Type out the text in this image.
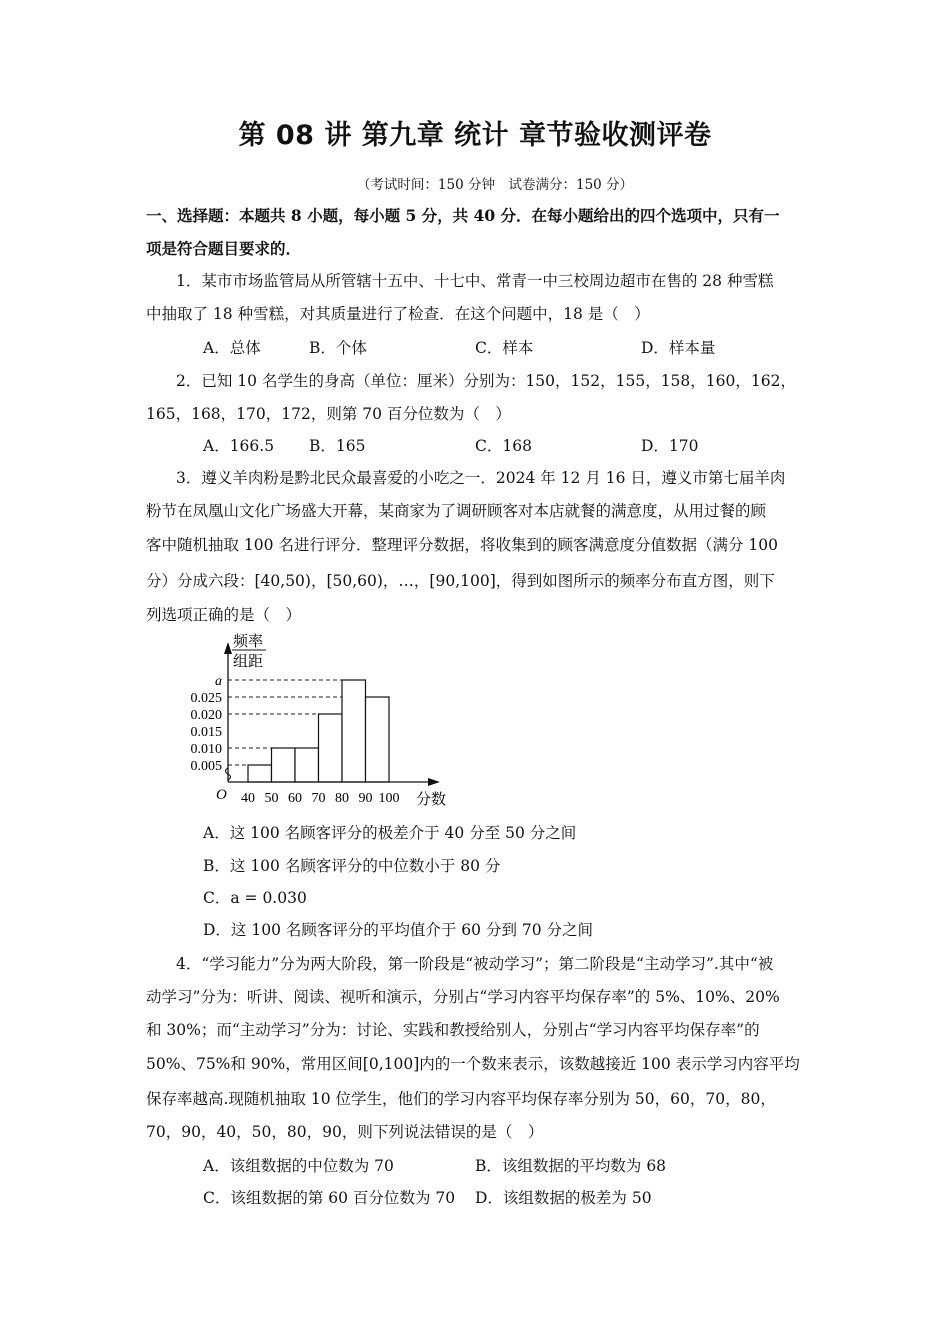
第 08 讲 第九章 统计 章节验收测评卷
（考试时间：150 分钟　试卷满分：150 分）
一、选择题：本题共 8 小题，每小题 5 分，共 40 分．在每小题给出的四个选项中，只有一
项是符合题目要求的．
1．某市市场监管局从所管辖十五中、十七中、常青一中三校周边超市在售的 28 种雪糕
中抽取了 18 种雪糕，对其质量进行了检查．在这个问题中，18 是（　）
A．总体	B．个体	C．样本	D．样本量
2．已知 10 名学生的身高（单位：厘米）分别为：150，152，155，158，160，162，
165，168，170，172，则第 70 百分位数为（　）
A．166.5 B．165	C．168	D．170
3．遵义羊肉粉是黔北民众最喜爱的小吃之一．2024 年 12 月 16 日，遵义市第七届羊肉
粉节在凤凰山文化广场盛大开幕，某商家为了调研顾客对本店就餐的满意度，从用过餐的顾
客中随机抽取 100 名进行评分．整理评分数据，将收集到的顾客满意度分值数据（满分 100
分）分成六段：[40,50)，[50,60)，…，[90,100]，得到如图所示的频率分布直方图，则下
列选项正确的是（　）
0.005
0.010
0.015
0.020
0.025
a
40 50 60 70 80 90 100
O	分数
频率
组距
A．这 100 名顾客评分的极差介于 40 分至 50 分之间
B．这 100 名顾客评分的中位数小于 80 分
C．a = 0.030
D．这 100 名顾客评分的平均值介于 60 分到 70 分之间
4．“学习能力”分为两大阶段，第一阶段是“被动学习”；第二阶段是“主动学习”.其中“被
动学习”分为：听讲、阅读、视听和演示，分别占“学习内容平均保存率”的 5%、10%、20%
和 30%；而“主动学习”分为：讨论、实践和教授给别人，分别占“学习内容平均保存率”的
50%、75%和 90%，常用区间[0,100]内的一个数来表示，该数越接近 100 表示学习内容平均
保存率越高.现随机抽取 10 位学生，他们的学习内容平均保存率分别为 50，60，70，80，
70，90，40，50，80，90，则下列说法错误的是（　）
A．该组数据的中位数为 70	B．该组数据的平均数为 68
C．该组数据的第 60 百分位数为 70 D．该组数据的极差为 50
